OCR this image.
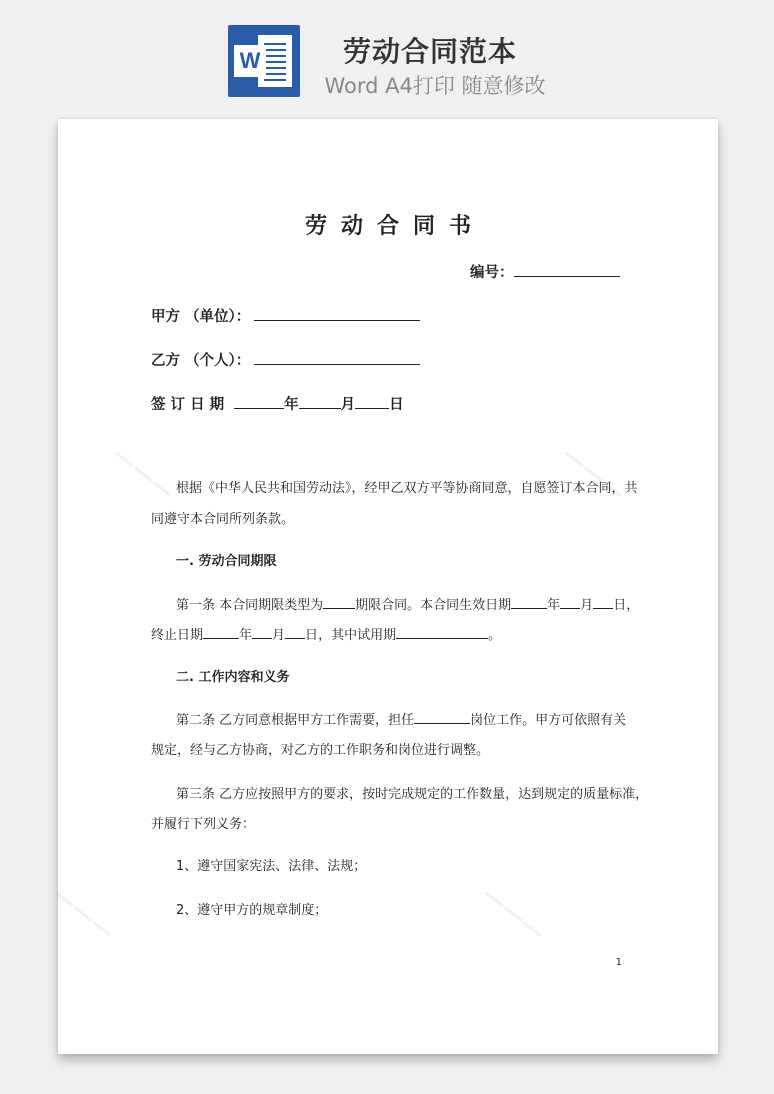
W	劳动合同范本
Word A4打印 随意修改
———	———
———	———
劳动合同书
编号：
甲方 （单位）：
乙方 （个人）：
签 订 日 期	年	月 日
根据《中华人民共和国劳动法》，经甲乙双方平等协商同意，自愿签订本合同，共
同遵守本合同所列条款。
一. 劳动合同期限
第一条 本合同期限类型为 期限合同。本合同生效日期	年 月 日，
终止日期	年 月 日，其中试用期	。
二. 工作内容和义务
第二条 乙方同意根据甲方工作需要，担任	岗位工作。甲方可依照有关
规定，经与乙方协商，对乙方的工作职务和岗位进行调整。
第三条 乙方应按照甲方的要求，按时完成规定的工作数量，达到规定的质量标准，
并履行下列义务：
1、遵守国家宪法、法律、法规；
2、遵守甲方的规章制度；
1
